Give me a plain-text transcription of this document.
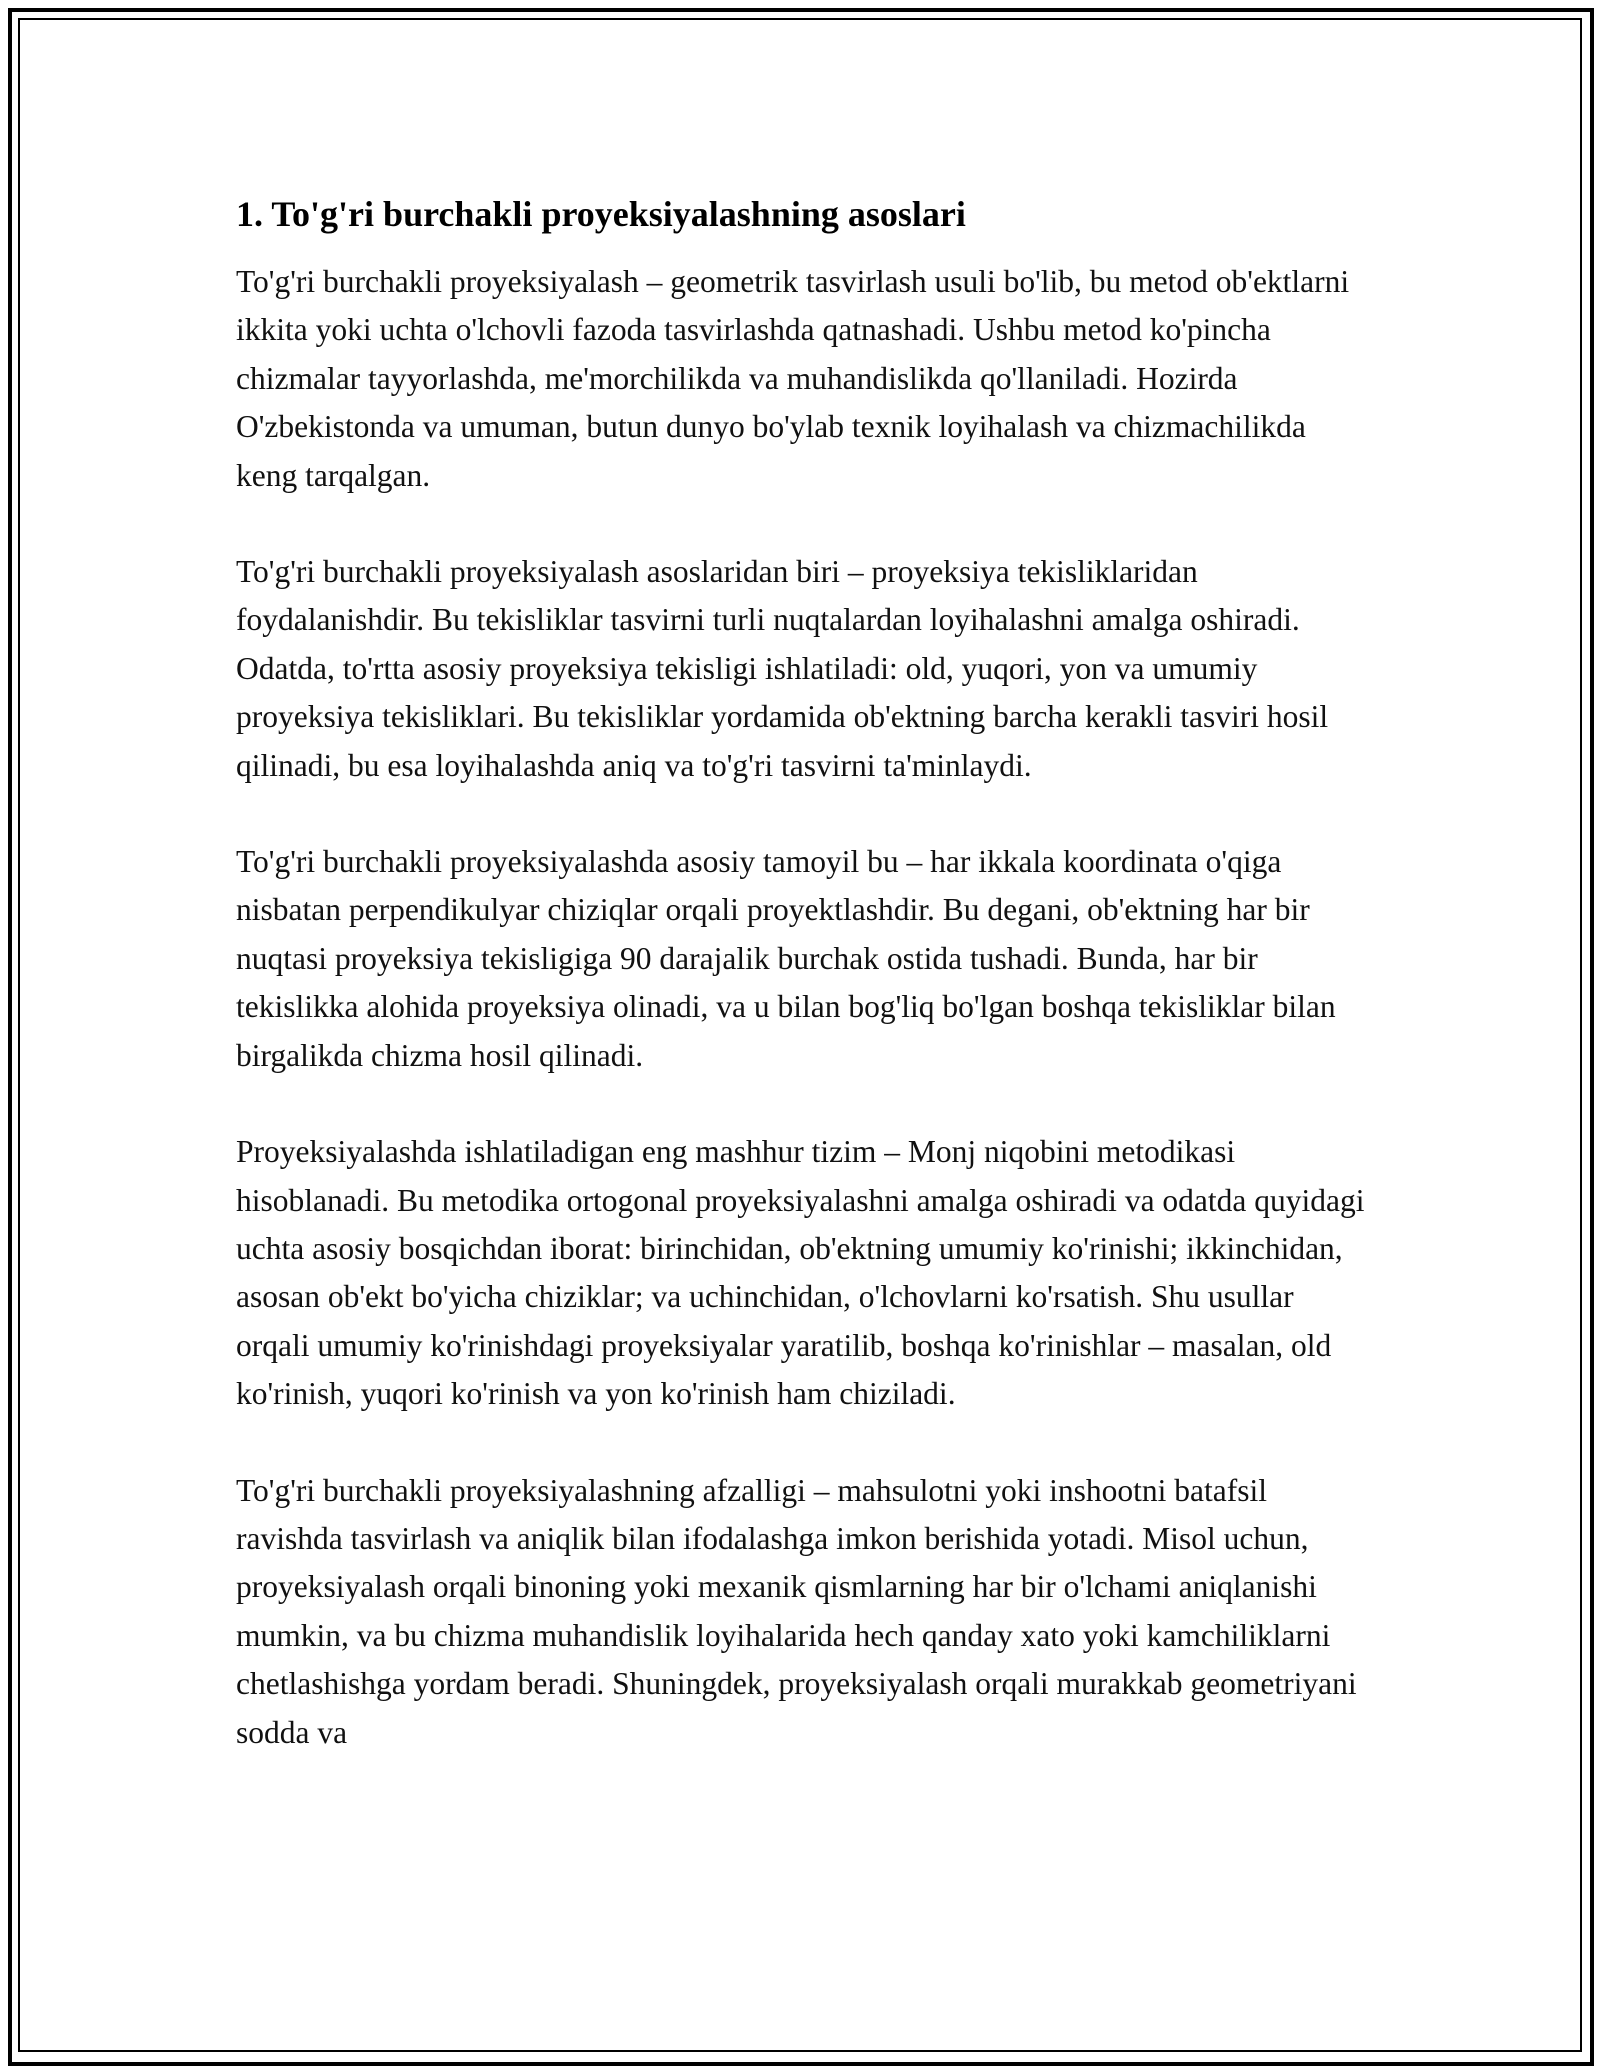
1. To'g'ri burchakli proyeksiyalashning asoslari

To'g'ri burchakli proyeksiyalash – geometrik tasvirlash usuli bo'lib, bu metod ob'ektlarni ikkita yoki uchta o'lchovli fazoda tasvirlashda qatnashadi. Ushbu metod ko'pincha chizmalar tayyorlashda, me'morchilikda va muhandislikda qo'llaniladi. Hozirda O'zbekistonda va umuman, butun dunyo bo'ylab texnik loyihalash va chizmachilikda keng tarqalgan.

To'g'ri burchakli proyeksiyalash asoslaridan biri – proyeksiya tekisliklaridan foydalanishdir. Bu tekisliklar tasvirni turli nuqtalardan loyihalashni amalga oshiradi. Odatda, to'rtta asosiy proyeksiya tekisligi ishlatiladi: old, yuqori, yon va umumiy proyeksiya tekisliklari. Bu tekisliklar yordamida ob'ektning barcha kerakli tasviri hosil qilinadi, bu esa loyihalashda aniq va to'g'ri tasvirni ta'minlaydi.

To'g'ri burchakli proyeksiyalashda asosiy tamoyil bu – har ikkala koordinata o'qiga nisbatan perpendikulyar chiziqlar orqali proyektlashdir. Bu degani, ob'ektning har bir nuqtasi proyeksiya tekisligiga 90 darajalik burchak ostida tushadi. Bunda, har bir tekislikka alohida proyeksiya olinadi, va u bilan bog'liq bo'lgan boshqa tekisliklar bilan birgalikda chizma hosil qilinadi.

Proyeksiyalashda ishlatiladigan eng mashhur tizim – Monj niqobini metodikasi hisoblanadi. Bu metodika ortogonal proyeksiyalashni amalga oshiradi va odatda quyidagi uchta asosiy bosqichdan iborat: birinchidan, ob'ektning umumiy ko'rinishi; ikkinchidan, asosan ob'ekt bo'yicha chiziklar; va uchinchidan, o'lchovlarni ko'rsatish. Shu usullar orqali umumiy ko'rinishdagi proyeksiyalar yaratilib, boshqa ko'rinishlar – masalan, old ko'rinish, yuqori ko'rinish va yon ko'rinish ham chiziladi.

To'g'ri burchakli proyeksiyalashning afzalligi – mahsulotni yoki inshootni batafsil ravishda tasvirlash va aniqlik bilan ifodalashga imkon berishida yotadi. Misol uchun, proyeksiyalash orqali binoning yoki mexanik qismlarning har bir o'lchami aniqlanishi mumkin, va bu chizma muhandislik loyihalarida hech qanday xato yoki kamchiliklarni chetlashishga yordam beradi. Shuningdek, proyeksiyalash orqali murakkab geometriyani sodda va
